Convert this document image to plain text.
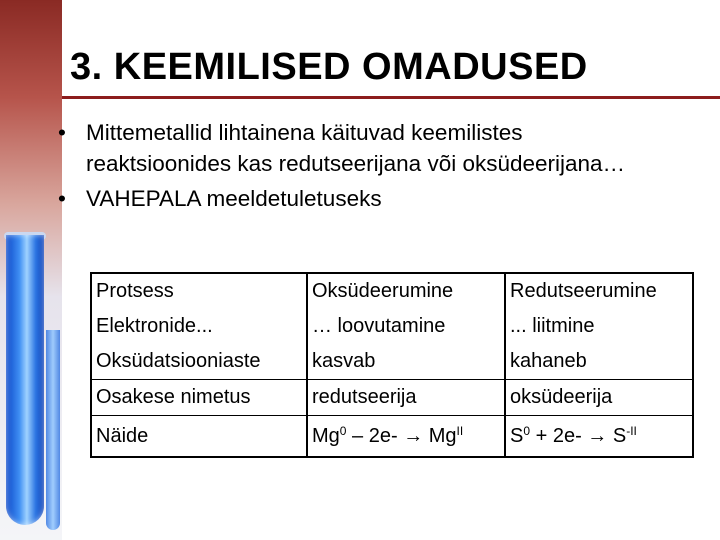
3. KEEMILISED OMADUSED
• Mittemetallid lihtainena käituvad keemilistes reaktsioonides kas redutseerijana või oksüdeerijana…
• VAHEPALA meeldetuletuseks
Protsess	Oksüdeerumine	Redutseerumine
Elektronide...	… loovutamine	... liitmine
Oksüdatsiooniaste	kasvab	kahaneb
Osakese nimetus	redutseerija	oksüdeerija
Näide	$Mg^0 - 2e- \to Mg^{II}$	$S^0 + 2e- \to S^{-II}$
